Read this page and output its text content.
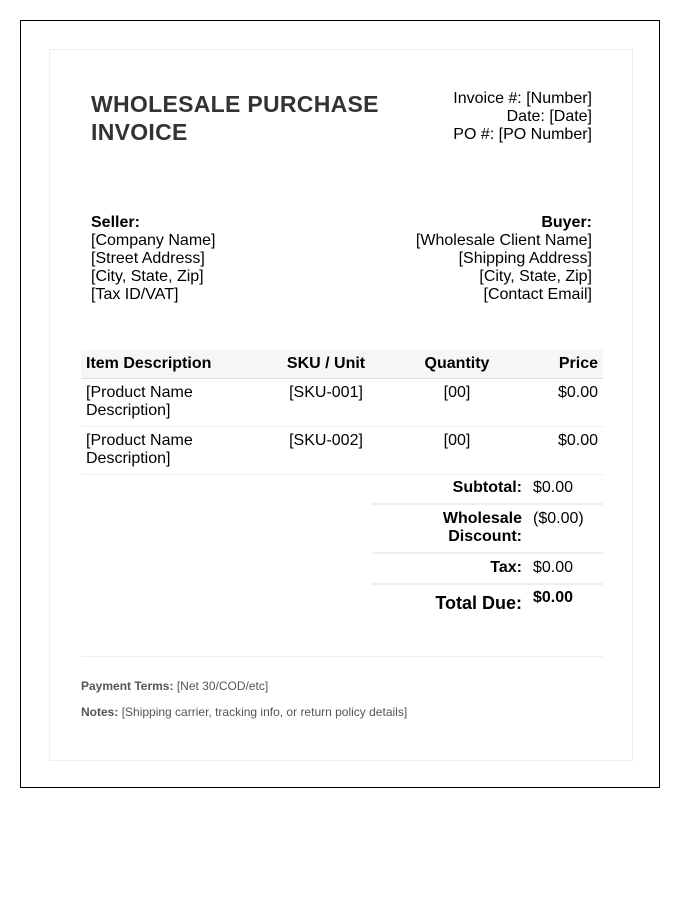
WHOLESALE PURCHASE INVOICE
Invoice #: [Number]
Date: [Date]
PO #: [PO Number]
Seller:
[Company Name]
[Street Address]
[City, State, Zip]
[Tax ID/VAT]
Buyer:
[Wholesale Client Name]
[Shipping Address]
[City, State, Zip]
[Contact Email]
Item Description	SKU / Unit	Quantity	Price
[Product Name Description]	[SKU-001]	[00]	$0.00
[Product Name Description]	[SKU-002]	[00]	$0.00
Subtotal: $0.00
Wholesale Discount:
($0.00)
Tax: $0.00
Total Due: $0.00
Payment Terms: [Net 30/COD/etc]
Notes: [Shipping carrier, tracking info, or return policy details]
